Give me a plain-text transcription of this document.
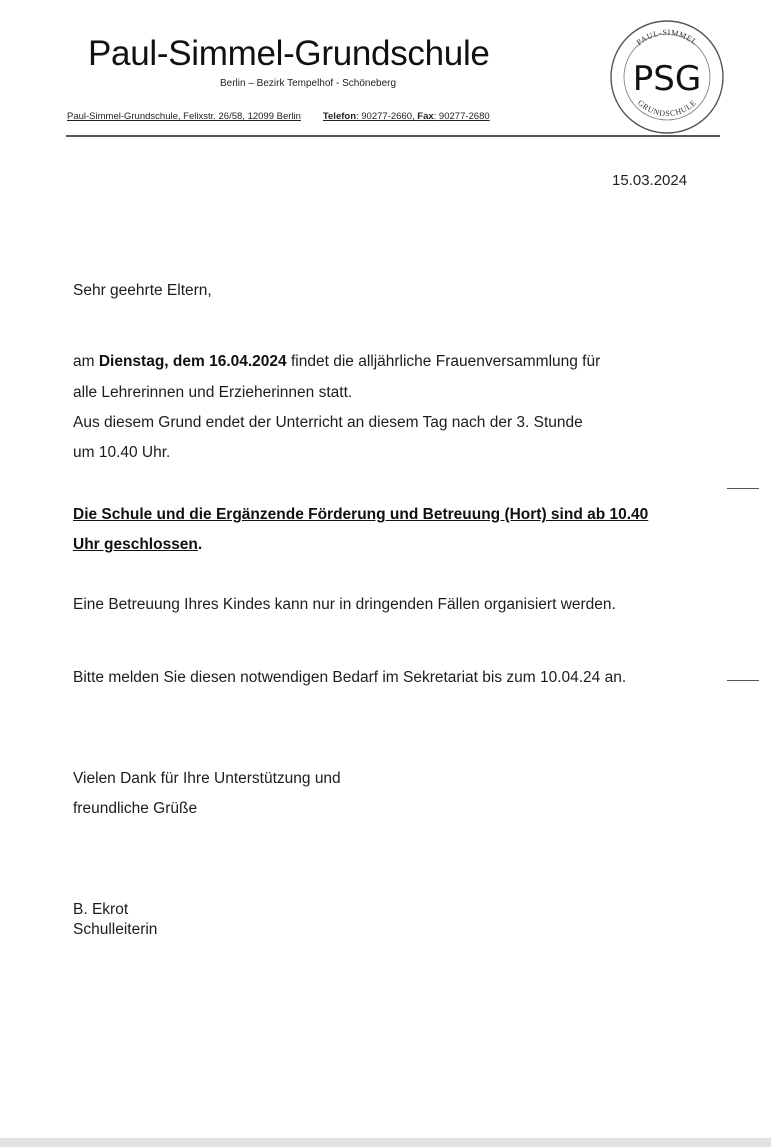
Paul-Simmel-Grundschule
Berlin – Bezirk Tempelhof - Schöneberg
Paul-Simmel-Grundschule, Felixstr. 26/58, 12099 Berlin Telefon: 90277-2660, Fax: 90277-2680
PAUL-SIMMEL
GRUNDSCHULE
PSG
15.03.2024
Sehr geehrte Eltern,
am Dienstag, dem 16.04.2024 findet die alljährliche Frauenversammlung für
alle Lehrerinnen und Erzieherinnen statt.
Aus diesem Grund endet der Unterricht an diesem Tag nach der 3. Stunde
um 10.40 Uhr.
Die Schule und die Ergänzende Förderung und Betreuung (Hort) sind ab 10.40
Uhr geschlossen.
Eine Betreuung Ihres Kindes kann nur in dringenden Fällen organisiert werden.
Bitte melden Sie diesen notwendigen Bedarf im Sekretariat bis zum 10.04.24 an.
Vielen Dank für Ihre Unterstützung und
freundliche Grüße
B. Ekrot
Schulleiterin
